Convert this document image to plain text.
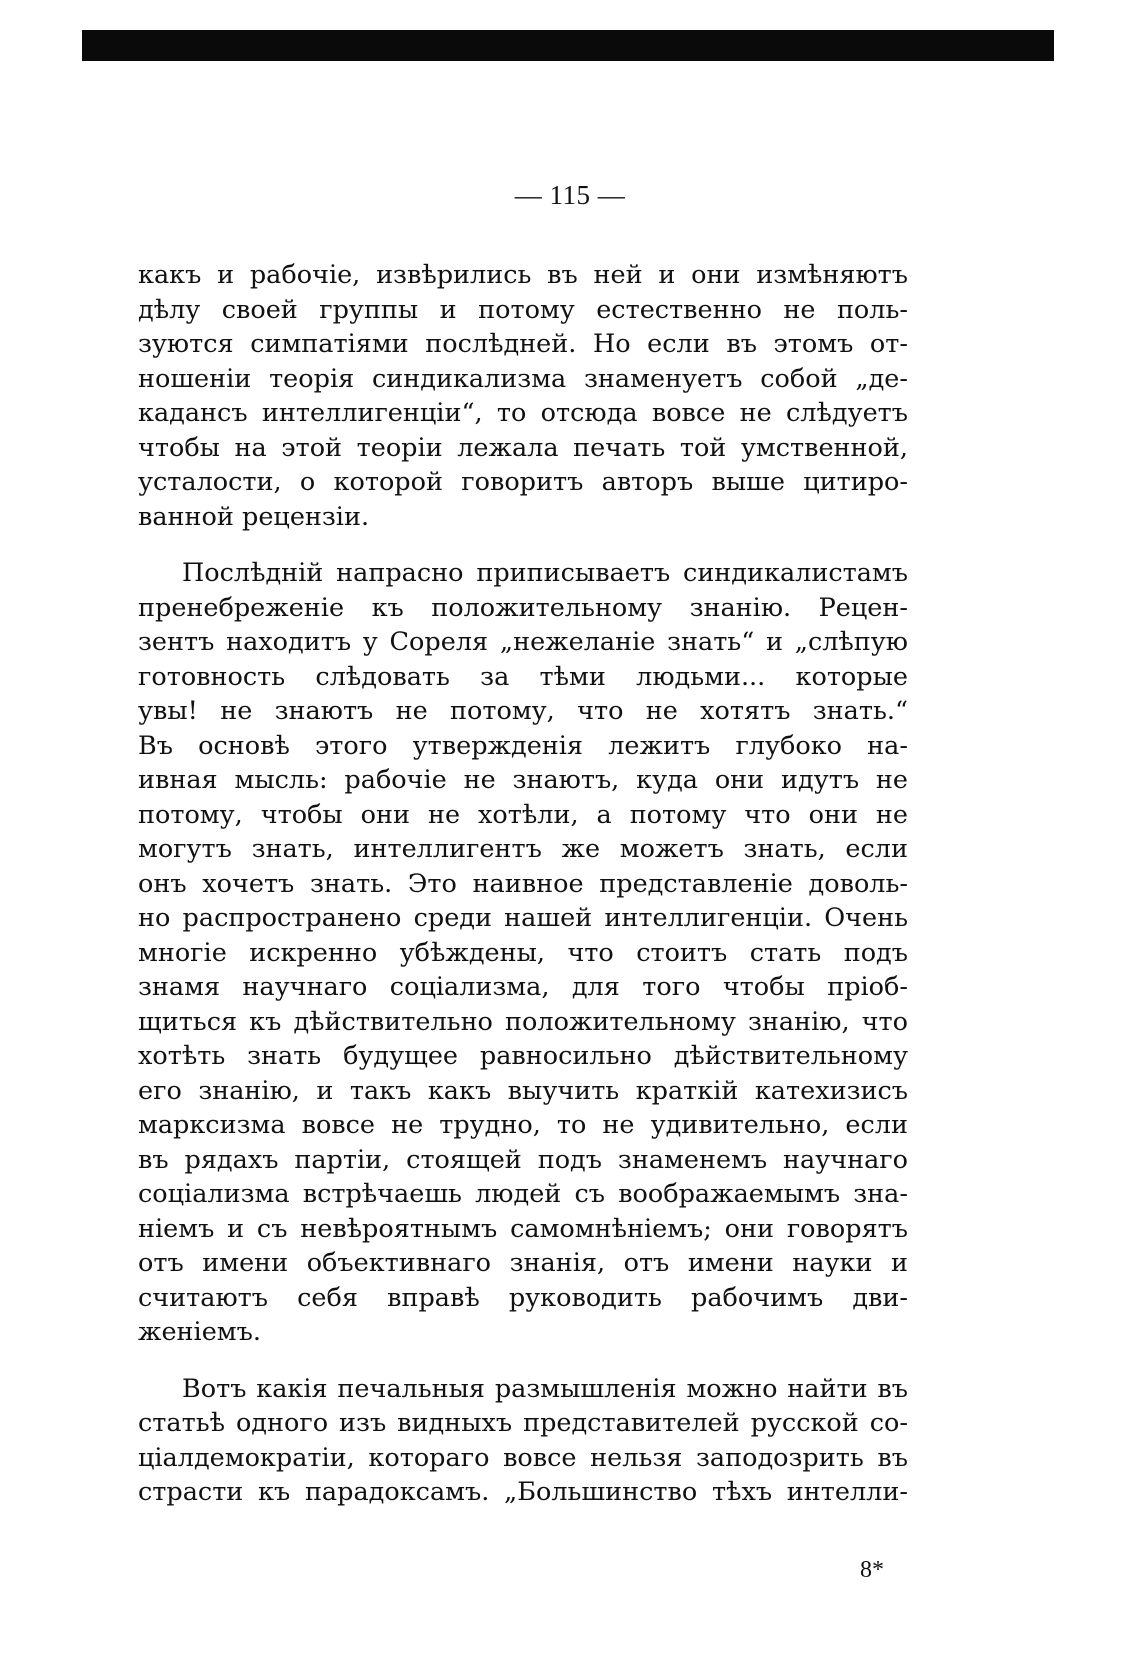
— 115 —
какъ и рабочіе, извѣрились въ ней и они измѣняютъ
дѣлу своей группы и потому естественно не поль-
зуются симпатіями послѣдней. Но если въ этомъ от-
ношеніи теорія синдикализма знаменуетъ собой „де-
кадансъ интеллигенціи“, то отсюда вовсе не слѣдуетъ
чтобы на этой теоріи лежала печать той умственной,
усталости, о которой говоритъ авторъ выше цитиро-
ванной рецензіи.
Послѣдній напрасно приписываетъ синдикалистамъ
пренебреженіе къ положительному знанію. Рецен-
зентъ находитъ у Сореля „нежеланіе знать“ и „слѣпую
готовность слѣдовать за тѣми людьми... которые
увы! не знаютъ не потому, что не хотятъ знать.“
Въ основѣ этого утвержденія лежитъ глубоко на-
ивная мысль: рабочіе не знаютъ, куда они идутъ не
потому, чтобы они не хотѣли, а потому что они не
могутъ знать, интеллигентъ же можетъ знать, если
онъ хочетъ знать. Это наивное представленіе доволь-
но распространено среди нашей интеллигенціи. Очень
многіе искренно убѣждены, что стоитъ стать подъ
знамя научнаго соціализма, для того чтобы пріоб-
щиться къ дѣйствительно положительному знанію, что
хотѣть знать будущее равносильно дѣйствительному
его знанію, и такъ какъ выучить краткій катехизисъ
марксизма вовсе не трудно, то не удивительно, если
въ рядахъ партіи, стоящей подъ знаменемъ научнаго
соціализма встрѣчаешь людей съ воображаемымъ зна-
ніемъ и съ невѣроятнымъ самомнѣніемъ; они говорятъ
отъ имени объективнаго знанія, отъ имени науки и
считаютъ себя вправѣ руководить рабочимъ дви-
женіемъ.
Вотъ какія печальныя размышленія можно найти въ
статьѣ одного изъ видныхъ представителей русской со-
ціалдемократіи, котораго вовсе нельзя заподозрить въ
страсти къ парадоксамъ. „Большинство тѣхъ интелли-
8*
